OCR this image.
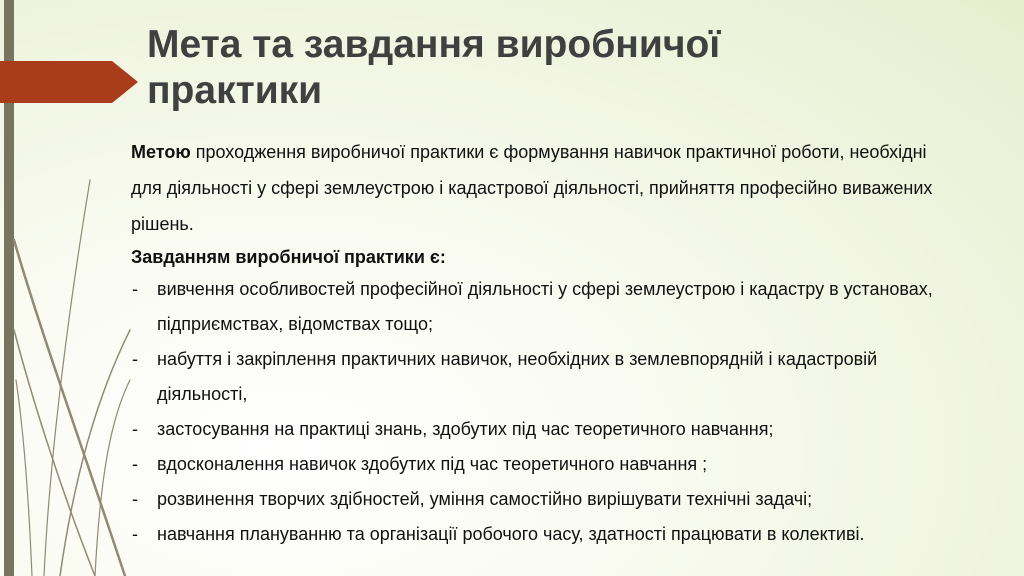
Мета та завдання виробничої практики

Метою проходження виробничої практики є формування навичок практичної роботи, необхідні для діяльності у сфері землеустрою і кадастрової діяльності, прийняття професійно виважених рішень.

Завданням виробничої практики є:

- вивчення особливостей професійної діяльності у сфері землеустрою і кадастру в установах, підприємствах, відомствах тощо;
- набуття і закріплення практичних навичок, необхідних в землевпорядній і кадастровій діяльності,
- застосування на практиці знань, здобутих під час теоретичного навчання;
- вдосконалення навичок здобутих під час теоретичного навчання ;
- розвинення творчих здібностей, уміння самостійно вирішувати технічні задачі;
- навчання плануванню та організації робочого часу, здатності працювати в колективі.
